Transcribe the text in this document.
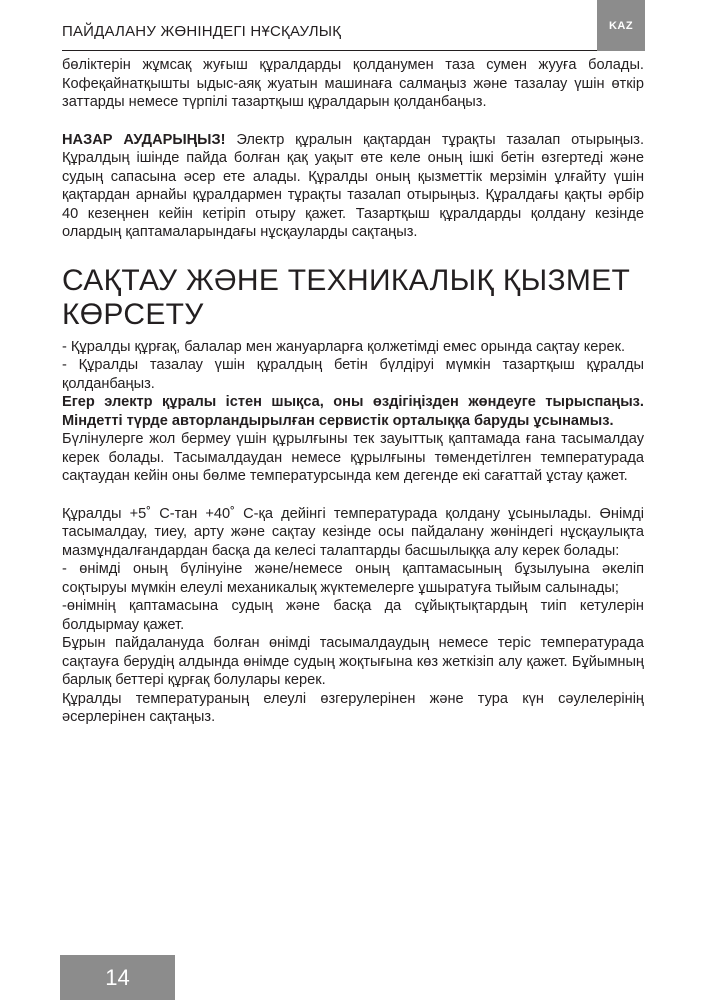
ПАЙДАЛАНУ ЖӨНІНДЕГІ НҰСҚАУЛЫҚ	KAZ

бөліктерін жұмсақ жуғыш құралдарды қолданумен таза сумен жууға болады. Кофеқайнатқышты ыдыс-аяқ жуатын машинаға салмаңыз және тазалау үшін өткір заттарды немесе түрпілі тазартқыш құралдарын қолданбаңыз.

НАЗАР АУДАРЫҢЫЗ! Электр құралын қақтардан тұрақты тазалап отырыңыз. Құралдың ішінде пайда болған қақ уақыт өте келе оның ішкі бетін өзгертеді және судың сапасына әсер ете алады. Құралды оның қызметтік мерзімін ұлғайту үшін қақтардан арнайы құралдармен тұрақты тазалап отырыңыз. Құралдағы қақты әрбір 40 кезеңнен кейін кетіріп отыру қажет. Тазартқыш құралдарды қолдану кезінде олардың қаптамаларындағы нұсқауларды сақтаңыз.

САҚТАУ ЖӘНЕ ТЕХНИКАЛЫҚ ҚЫЗМЕТ КӨРСЕТУ

- Құралды құрғақ, балалар мен жануарларға қолжетімді емес орында сақтау керек.

- Құралды тазалау үшін құралдың бетін бүлдіруі мүмкін тазартқыш құралды қолданбаңыз.

Егер электр құралы істен шықса, оны өздігіңізден жөндеуге тырыспаңыз. Міндетті түрде авторландырылған сервистік орталыққа баруды ұсынамыз.

Бүлінулерге жол бермеу үшін құрылғыны тек зауыттық қаптамада ғана тасымалдау керек болады. Тасымалдаудан немесе құрылғыны төмендетілген температурада сақтаудан кейін оны бөлме температурсында кем дегенде екі сағаттай ұстау қажет.

Құралды +5˚ С-тан +40˚ С-қа дейінгі температурада қолдану ұсынылады. Өнімді тасымалдау, тиеу, арту және сақтау кезінде осы пайдалану жөніндегі нұсқаулықта мазмұндалғандардан басқа да келесі талаптарды басшылыққа алу керек болады:

- өнімді оның бүлінуіне және/немесе оның қаптамасының бұзылуына әкеліп соқтыруы мүмкін елеулі механикалық жүктемелерге ұшыратуға тыйым салынады;

-өнімнің қаптамасына судың және басқа да сұйықтықтардың тиіп кетулерін болдырмау қажет.

Бұрын пайдалануда болған өнімді тасымалдаудың немесе теріс температурада сақтауға берудің алдында өнімде судың жоқтығына көз жеткізіп алу қажет. Бұйымның барлық беттері құрғақ болулары керек.

Құралды температураның елеулі өзгерулерінен және тура күн сәулелерінің әсерлерінен сақтаңыз.

14
